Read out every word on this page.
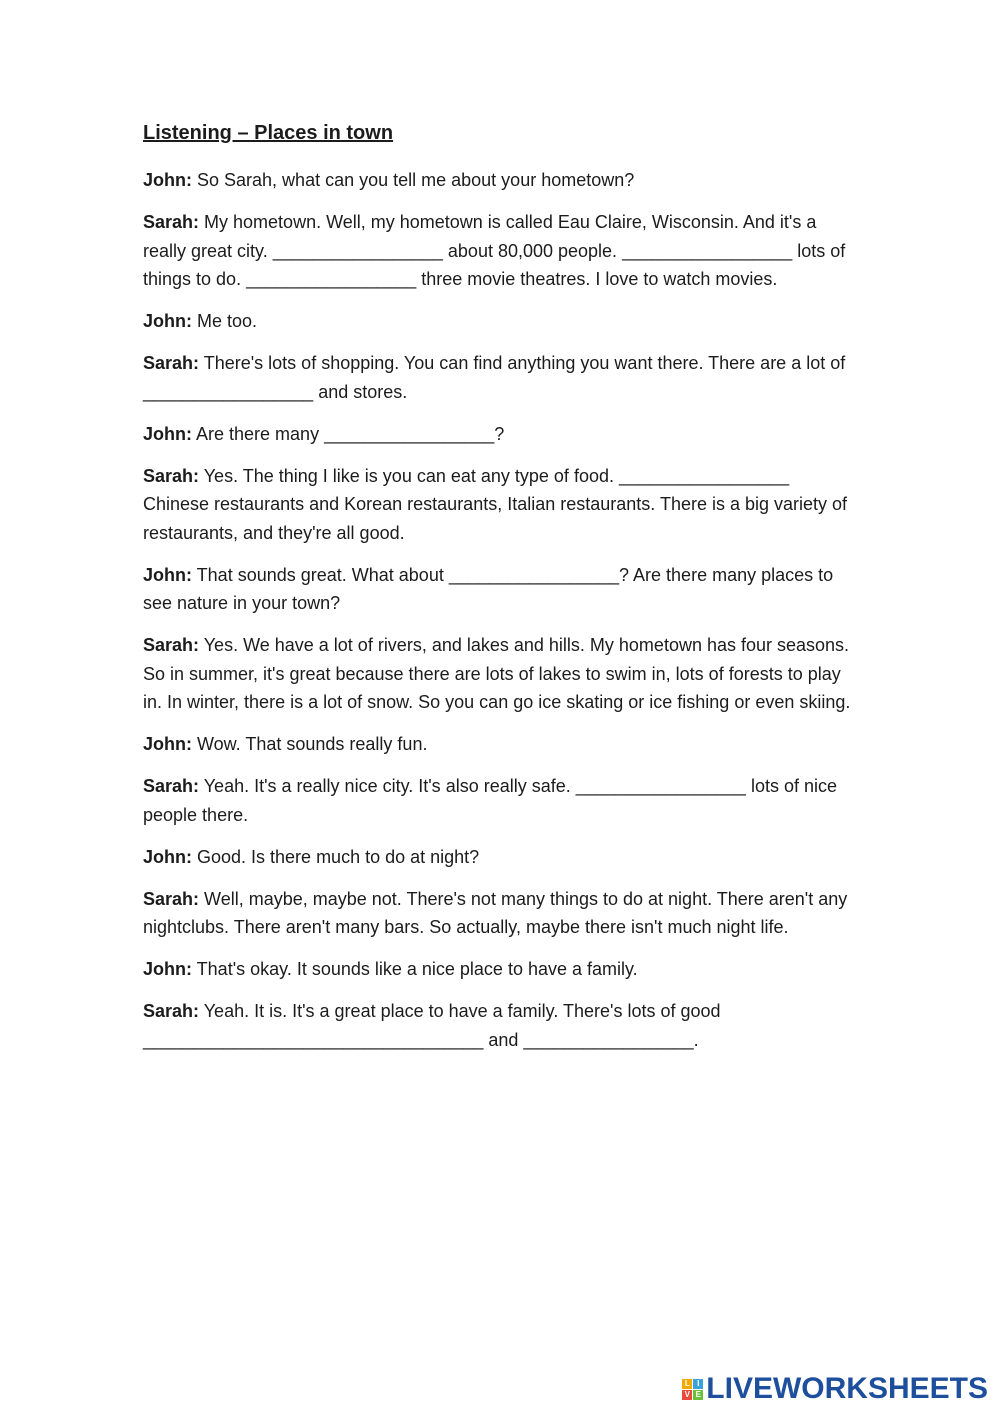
Listening – Places in town

John: So Sarah, what can you tell me about your hometown?

Sarah: My hometown. Well, my hometown is called Eau Claire, Wisconsin. And it's a really great city. _________________ about 80,000 people. _________________ lots of things to do. _________________ three movie theatres. I love to watch movies.

John: Me too.

Sarah: There's lots of shopping. You can find anything you want there. There are a lot of _________________ and stores.

John: Are there many _________________?

Sarah: Yes. The thing I like is you can eat any type of food. _________________ Chinese restaurants and Korean restaurants, Italian restaurants. There is a big variety of restaurants, and they're all good.

John: That sounds great. What about _________________? Are there many places to see nature in your town?

Sarah: Yes. We have a lot of rivers, and lakes and hills. My hometown has four seasons. So in summer, it's great because there are lots of lakes to swim in, lots of forests to play in. In winter, there is a lot of snow. So you can go ice skating or ice fishing or even skiing.

John: Wow. That sounds really fun.

Sarah: Yeah. It's a really nice city. It's also really safe. _________________ lots of nice people there.

John: Good. Is there much to do at night?

Sarah: Well, maybe, maybe not. There's not many things to do at night. There aren't any nightclubs. There aren't many bars. So actually, maybe there isn't much night life.

John: That's okay. It sounds like a nice place to have a family.

Sarah: Yeah. It is. It's a great place to have a family. There's lots of good __________________________________ and _________________.

L I
V E LIVEWORKSHEETS
